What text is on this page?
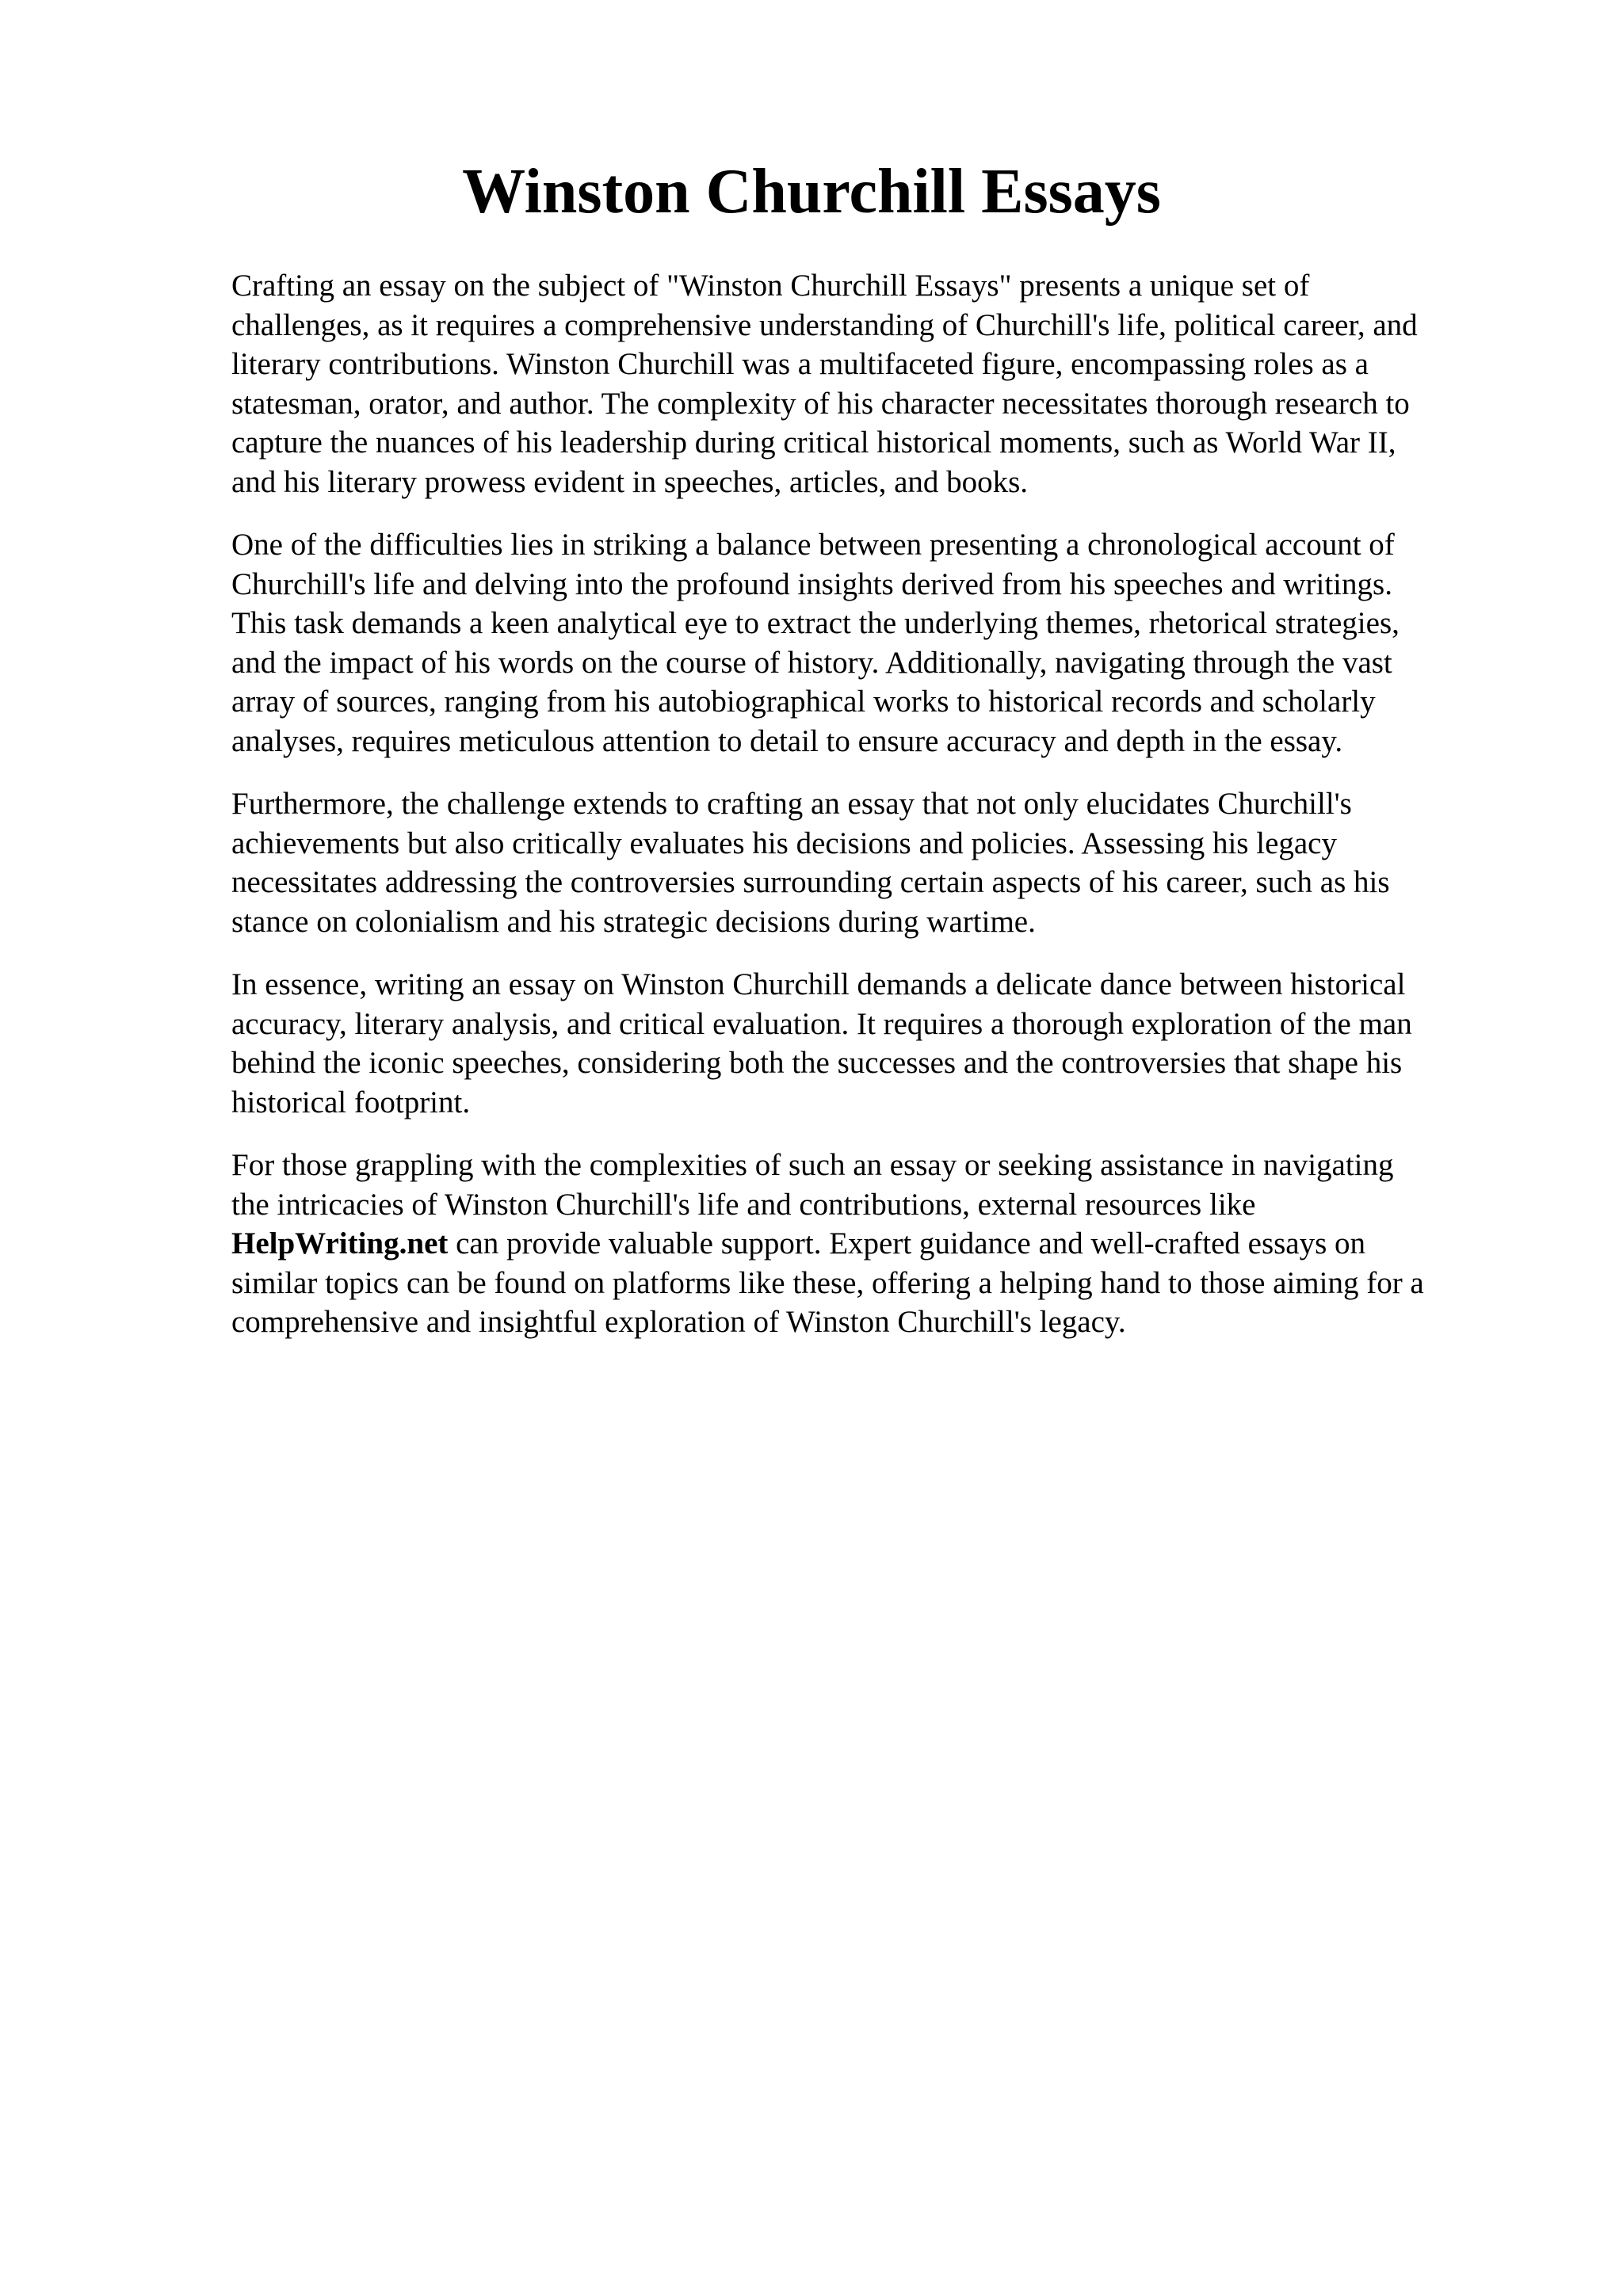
Winston Churchill Essays

Crafting an essay on the subject of "Winston Churchill Essays" presents a unique set of
challenges, as it requires a comprehensive understanding of Churchill's life, political career, and
literary contributions. Winston Churchill was a multifaceted figure, encompassing roles as a
statesman, orator, and author. The complexity of his character necessitates thorough research to
capture the nuances of his leadership during critical historical moments, such as World War II,
and his literary prowess evident in speeches, articles, and books.

One of the difficulties lies in striking a balance between presenting a chronological account of
Churchill's life and delving into the profound insights derived from his speeches and writings.
This task demands a keen analytical eye to extract the underlying themes, rhetorical strategies,
and the impact of his words on the course of history. Additionally, navigating through the vast
array of sources, ranging from his autobiographical works to historical records and scholarly
analyses, requires meticulous attention to detail to ensure accuracy and depth in the essay.

Furthermore, the challenge extends to crafting an essay that not only elucidates Churchill's
achievements but also critically evaluates his decisions and policies. Assessing his legacy
necessitates addressing the controversies surrounding certain aspects of his career, such as his
stance on colonialism and his strategic decisions during wartime.

In essence, writing an essay on Winston Churchill demands a delicate dance between historical
accuracy, literary analysis, and critical evaluation. It requires a thorough exploration of the man
behind the iconic speeches, considering both the successes and the controversies that shape his
historical footprint.

For those grappling with the complexities of such an essay or seeking assistance in navigating
the intricacies of Winston Churchill's life and contributions, external resources like
HelpWriting.net can provide valuable support. Expert guidance and well-crafted essays on
similar topics can be found on platforms like these, offering a helping hand to those aiming for a
comprehensive and insightful exploration of Winston Churchill's legacy.
